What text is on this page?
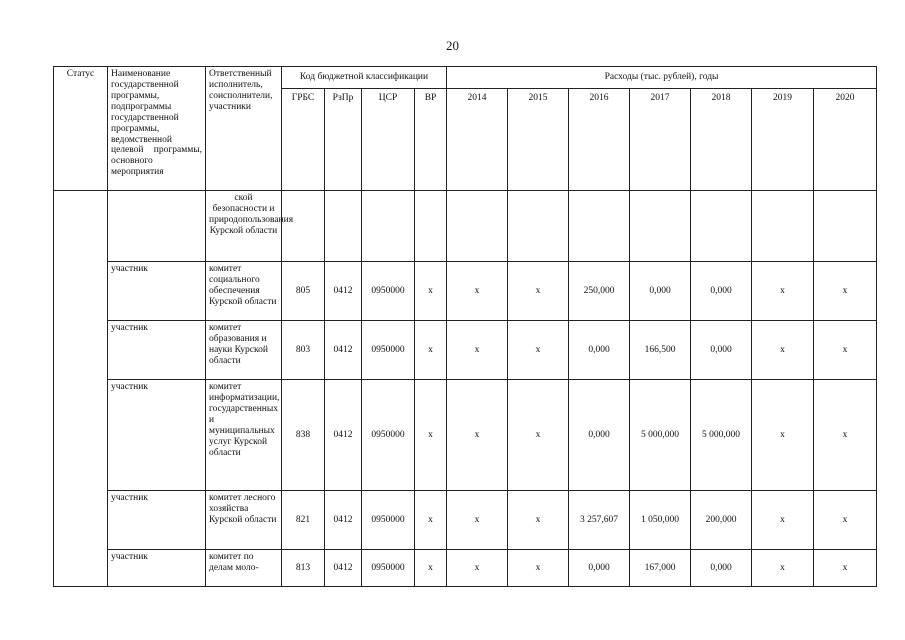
20
Статус	Наименование государственной программы, подпрограммы государственной программы, ведомственной целевой программы, основного мероприятия	Ответственный исполнитель, соисполнители, участники	Код бюджетной классификации				Расходы (тыс. рублей), годы						
			ГРБС	РзПр	ЦСР	ВР	2014	2015	2016	2017	2018	2019	2020
		ской безопасности и природопользования Курской области											
	участник	комитет социального обеспечения Курской области	805	0412	0950000	х	х	х	250,000	0,000	0,000	х	х
	участник	комитет образования и науки Курской области	803	0412	0950000	х	х	х	0,000	166,500	0,000	х	х
	участник	комитет информатизации, государственных и муниципальных услуг Курской области	838	0412	0950000	х	х	х	0,000	5 000,000	5 000,000	х	х
	участник	комитет лесного хозяйства Курской области	821	0412	0950000	х	х	х	3 257,607	1 050,000	200,000	х	х
	участник	комитет по делам моло-	813	0412	0950000	х	х	х	0,000	167,000	0,000	х	х
